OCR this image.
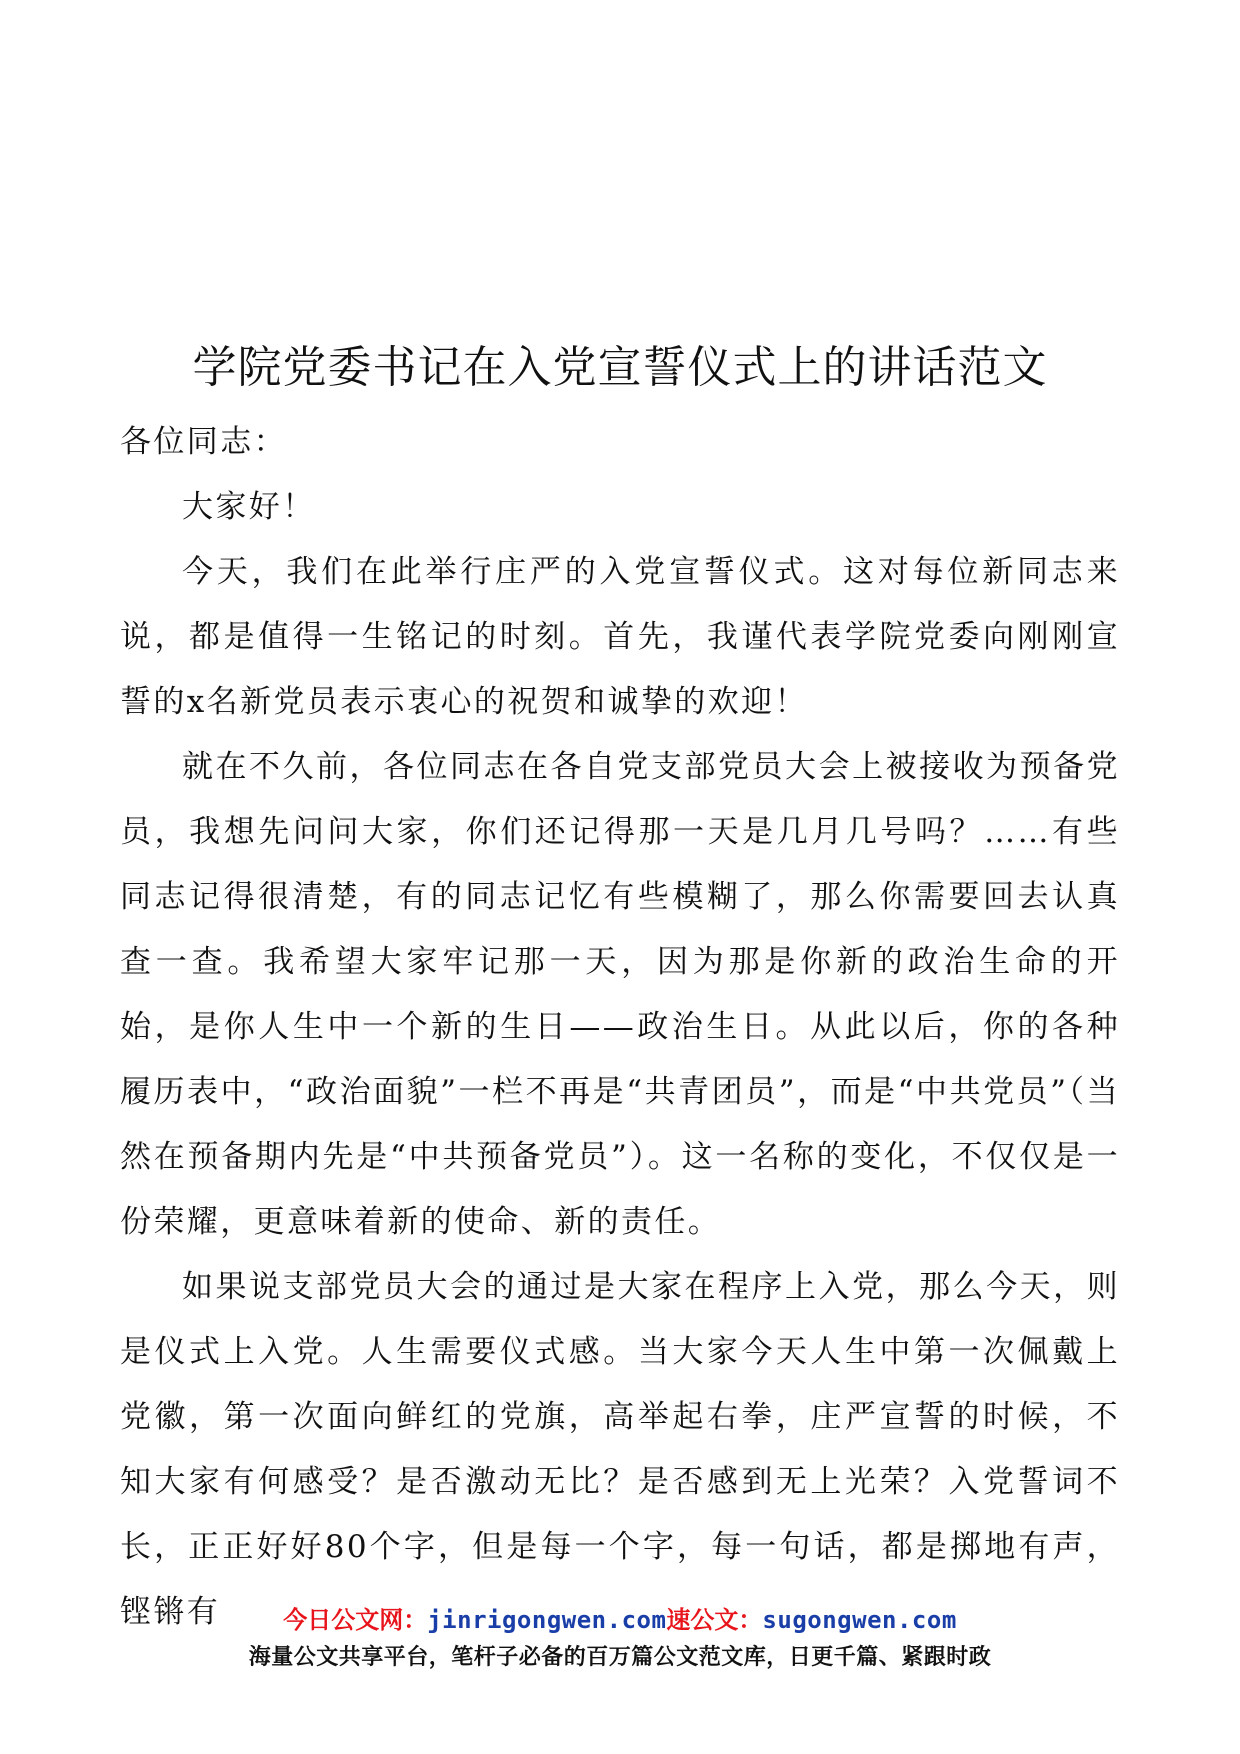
学院党委书记在入党宣誓仪式上的讲话范文

各位同志：

大家好！

今天，我们在此举行庄严的入党宣誓仪式。这对每位新同志来说，都是值得一生铭记的时刻。首先，我谨代表学院党委向刚刚宣誓的x名新党员表示衷心的祝贺和诚挚的欢迎！

就在不久前，各位同志在各自党支部党员大会上被接收为预备党员，我想先问问大家，你们还记得那一天是几月几号吗？……有些同志记得很清楚，有的同志记忆有些模糊了，那么你需要回去认真查一查。我希望大家牢记那一天，因为那是你新的政治生命的开始，是你人生中一个新的生日——政治生日。从此以后，你的各种履历表中，“政治面貌”一栏不再是“共青团员”，而是“中共党员”（当然在预备期内先是“中共预备党员”）。这一名称的变化，不仅仅是一份荣耀，更意味着新的使命、新的责任。

如果说支部党员大会的通过是大家在程序上入党，那么今天，则是仪式上入党。人生需要仪式感。当大家今天人生中第一次佩戴上党徽，第一次面向鲜红的党旗，高举起右拳，庄严宣誓的时候，不知大家有何感受？是否激动无比？是否感到无上光荣？入党誓词不长，正正好好80个字，但是每一个字，每一句话，都是掷地有声，铿锵有	今日公文网：jinrigongwen.com速公文：sugongwen.com
海量公文共享平台，笔杆子必备的百万篇公文范文库，日更千篇、紧跟时政
